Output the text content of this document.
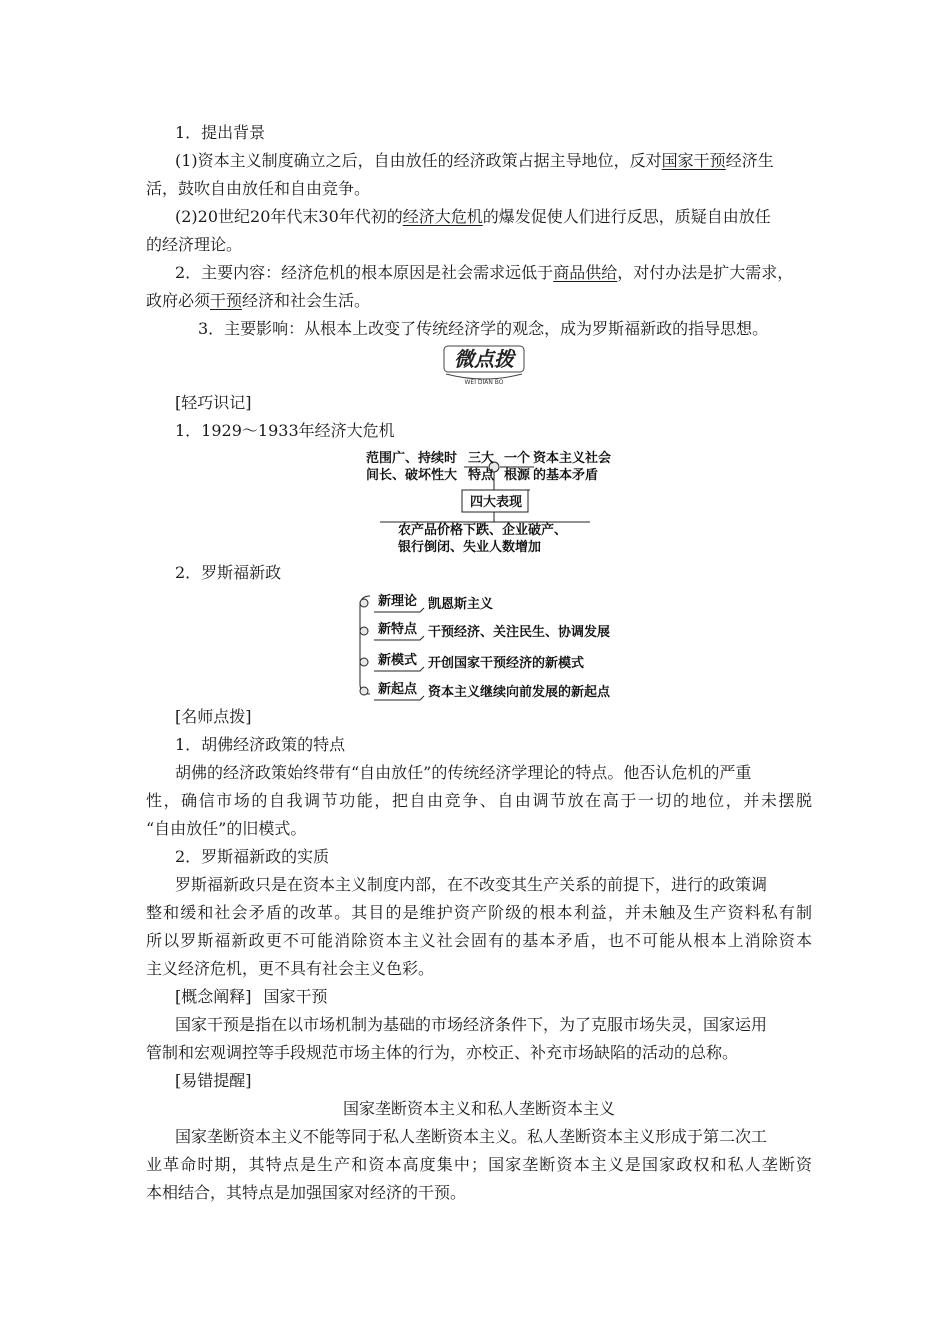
1．提出背景
(1)资本主义制度确立之后，自由放任的经济政策占据主导地位，反对国家干预经济生
活，鼓吹自由放任和自由竞争。
(2)20世纪20年代末30年代初的经济大危机的爆发促使人们进行反思，质疑自由放任
的经济理论。
2．主要内容：经济危机的根本原因是社会需求远低于商品供给，对付办法是扩大需求，
政府必须干预经济和社会生活。
3．主要影响：从根本上改变了传统经济学的观念，成为罗斯福新政的指导思想。
微点拨
WEI DIAN BO
[轻巧识记]
1．1929～1933年经济大危机
范围广、持续时
间长、破坏性大
三大
特点
一个
根源
资本主义社会
的基本矛盾
四大表现
农产品价格下跌、企业破产、
银行倒闭、失业人数增加
2．罗斯福新政
新理论 凯恩斯主义
新特点 干预经济、关注民生、协调发展
新模式 开创国家干预经济的新模式
新起点 资本主义继续向前发展的新起点
[名师点拨]
1．胡佛经济政策的特点
胡佛的经济政策始终带有“自由放任”的传统经济学理论的特点。他否认危机的严重
性，确信市场的自我调节功能，把自由竞争、自由调节放在高于一切的地位，并未摆脱
“自由放任”的旧模式。
2．罗斯福新政的实质
罗斯福新政只是在资本主义制度内部，在不改变其生产关系的前提下，进行的政策调
整和缓和社会矛盾的改革。其目的是维护资产阶级的根本利益，并未触及生产资料私有制
所以罗斯福新政更不可能消除资本主义社会固有的基本矛盾，也不可能从根本上消除资本
主义经济危机，更不具有社会主义色彩。
[概念阐释] 国家干预
国家干预是指在以市场机制为基础的市场经济条件下，为了克服市场失灵，国家运用
管制和宏观调控等手段规范市场主体的行为，亦校正、补充市场缺陷的活动的总称。
[易错提醒]
国家垄断资本主义和私人垄断资本主义
国家垄断资本主义不能等同于私人垄断资本主义。私人垄断资本主义形成于第二次工
业革命时期，其特点是生产和资本高度集中；国家垄断资本主义是国家政权和私人垄断资
本相结合，其特点是加强国家对经济的干预。
